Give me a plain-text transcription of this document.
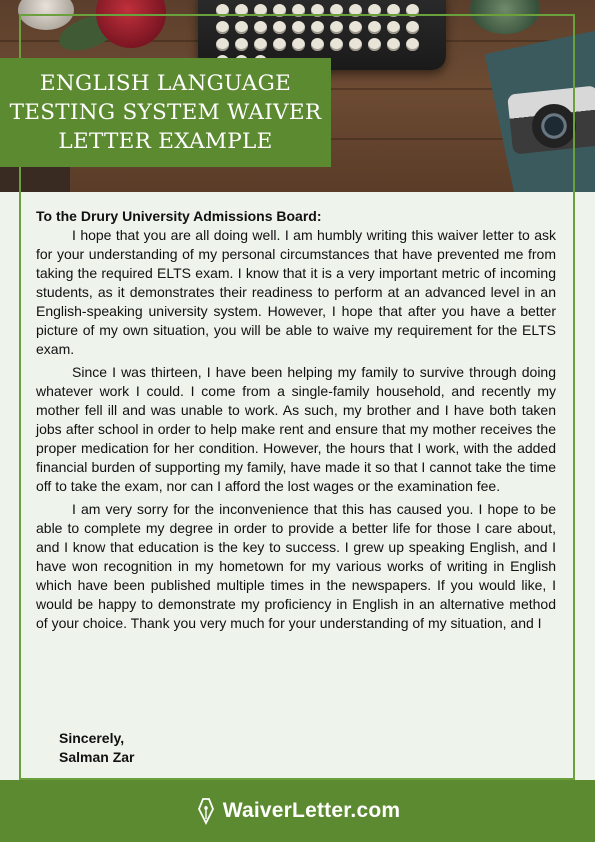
ENGLISH LANGUAGE
TESTING SYSTEM WAIVER
LETTER EXAMPLE

To the Drury University Admissions Board:

I hope that you are all doing well. I am humbly writing this waiver letter to ask for your understanding of my personal circumstances that have prevented me from taking the required ELTS exam. I know that it is a very important metric of incoming students, as it demonstrates their readiness to perform at an advanced level in an English-speaking university system. However, I hope that after you have a better picture of my own situation, you will be able to waive my requirement for the ELTS exam.

Since I was thirteen, I have been helping my family to survive through doing whatever work I could. I come from a single-family household, and recently my mother fell ill and was unable to work. As such, my brother and I have both taken jobs after school in order to help make rent and ensure that my mother receives the proper medication for her condition. However, the hours that I work, with the added financial burden of supporting my family, have made it so that I cannot take the time off to take the exam, nor can I afford the lost wages or the examination fee.

I am very sorry for the inconvenience that this has caused you. I hope to be able to complete my degree in order to provide a better life for those I care about, and I know that education is the key to success. I grew up speaking English, and I have won recognition in my hometown for my various works of writing in English which have been published multiple times in the newspapers. If you would like, I would be happy to demonstrate my proficiency in English in an alternative method of your choice. Thank you very much for your understanding of my situation, and I

Sincerely,
Salman Zar
WaiverLetter.com
